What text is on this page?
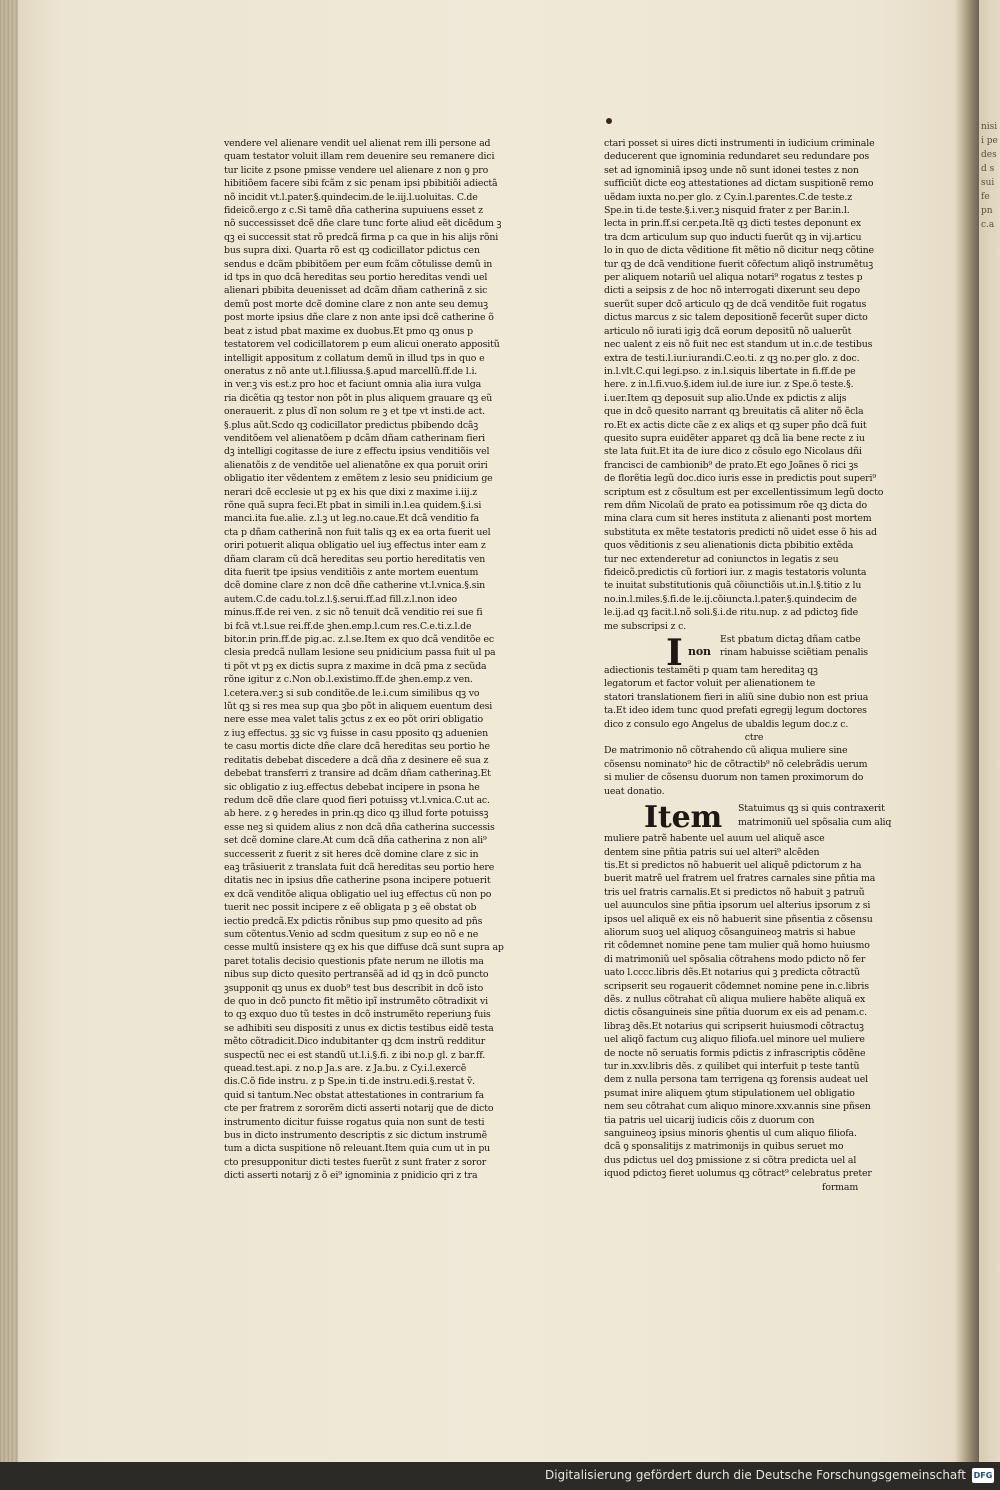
vendere vel alienare vendit uel alienat rem illi persone ad
quam testator voluit illam rem deuenire seu remanere dici
tur licite z psone pmisse vendere uel alienare z non ꝯ pro
hibitiõem facere sibi fcãm z sic penam ipsi pbibitiõi adiectã
nõ incidit vt.l.pater.§.quindecim.de le.iij.l.uoluitas. C.de
fideicõ.ergo z c.Si tamẽ dña catherina supuiuens esset z
nõ successisset dcẽ dñe clare tunc forte aliud eẽt dicẽdum ꝫ
qꝫ ei successit stat rõ predcã firma p ca que in his alijs rõni
bus supra dixi. Quarta rõ est qꝫ codicillator pdictus cen
sendus e dcãm pbibitõem per eum fcãm cõtulisse demũ in
id tps in quo dcã hereditas seu portio hereditas vendi uel
alienari pbibita deuenisset ad dcãm dñam catherinã z sic
demũ post morte dcẽ domine clare z non ante seu demuꝫ
post morte ipsius dñe clare z non ante ipsi dcẽ catherine õ
beat z istud pbat maxime ex duobus.Et pmo qꝫ onus p
testatorem vel codicillatorem p eum alicui onerato appositũ
intelligit appositum z collatum demũ in illud tps in quo e
oneratus z nõ ante ut.l.filiussa.§.apud marcellũ.ff.de l.i.
in ver.ꝫ vis est.z pro hoc et faciunt omnia alia iura vulga
ria dicẽtia qꝫ testor non põt in plus aliquem grauare qꝫ eũ
onerauerit. z plus dĩ non solum re ꝫ et tpe vt insti.de act.
§.plus aũt.Scdo qꝫ codicillator predictus pbibendo dcãꝫ
venditõem vel alienatõem p dcãm dñam catherinam fieri
dꝫ intelligi cogitasse de iure z effectu ipsius venditiõis vel
alienatõis z de venditõe uel alienatõne ex qua poruit oriri
obligatio iter vẽdentem z emẽtem z lesio seu pnidicium ge
nerari dcẽ ecclesie ut pꝫ ex his que dixi z maxime i.iij.z
rõne quã supra feci.Et pbat in simili in.l.ea quidem.§.i.si
manci.ita fue.alie. z.l.ꝫ ut leg.no.caue.Et dcã venditio fa
cta p dñam catherinã non fuit talis qꝫ ex ea orta fuerit uel
oriri potuerit aliqua obligatio uel iuꝫ effectus inter eam z
dñam claram cũ dcã hereditas seu portio hereditatis ven
dita fuerit tpe ipsius venditiõis z ante mortem euentum
dcẽ domine clare z non dcẽ dñe catherine vt.l.vnica.§.sin
autem.C.de cadu.tol.z.l.§.serui.ff.ad fill.z.l.non ideo
minus.ff.de rei ven. z sic nõ tenuit dcã venditio rei sue fi
bi fcã vt.l.sue rei.ff.de ꝫhen.emp.l.cum res.C.e.ti.z.l.de
bitor.in prin.ff.de pig.ac. z.l.se.Item ex quo dcã venditõe ec
clesia predcã nullam lesione seu pnidicium passa fuit ul pa
ti põt vt pꝫ ex dictis supra z maxime in dcã pma z secũda
rõne igitur z c.Non ob.l.existimo.ff.de ꝫhen.emp.z ven.
l.cetera.ver.ꝫ si sub conditõe.de le.i.cum similibus qꝫ vo
lũt qꝫ si res mea sup qua ꝫbo põt in aliquem euentum desi
nere esse mea valet talis ꝫctus z ex eo põt oriri obligatio
z iuꝫ effectus. ꝫꝫ sic vꝫ fuisse in casu pposito qꝫ aduenien
te casu mortis dicte dñe clare dcã hereditas seu portio he
reditatis debebat discedere a dcã dña z desinere eẽ sua z
debebat transferri z transire ad dcãm dñam catherinaꝫ.Et
sic obligatio z iuꝫ.effectus debebat incipere in psona he
redum dcẽ dñe clare quod fieri potuissꝫ vt.l.vnica.C.ut ac.
ab here. z ꝯ heredes in prin.qꝫ dico qꝫ illud forte potuissꝫ
esse neꝫ si quidem alius z non dcã dña catherina successis
set dcẽ domine clare.At cum dcã dña catherina z non ali⁹
successerit z fuerit z sit heres dcẽ domine clare z sic in
eaꝫ trãsiuerit z translata fuit dcã hereditas seu portio here
ditatis nec in ipsius dñe catherine psona incipere potuerit
ex dcã venditõe aliqua obligatio uel iuꝫ effectus cũ non po
tuerit nec possit incipere z eẽ obligata p ꝫ eẽ obstat ob
iectio predcã.Ex pdictis rõnibus sup pmo quesito ad pñs
sum cõtentus.Venio ad scdm quesitum z sup eo nõ e ne
cesse multũ insistere qꝫ ex his que diffuse dcã sunt supra ap
paret totalis decisio questionis pfate nerum ne illotis ma
nibus sup dicto quesito pertransẽã ad id qꝫ in dcõ puncto
ꝫsupponit qꝫ unus ex duob⁹ test bus describit in dcõ isto
de quo in dcõ puncto fit mẽtio ipĩ instrumẽto cõtradixit vi
to qꝫ exquo duo tũ testes in dcõ instrumẽto reperiunꝫ fuis
se adhibiti seu dispositi z unus ex dictis testibus eidẽ testa
mẽto cõtradicit.Dico indubitanter qꝫ dcm instrũ redditur
suspectũ nec ei est standũ ut.l.i.§.fi. z ibi no.p gl. z bar.ff.
quead.test.api. z no.p Ja.s are. z Ja.bu. z Cy.i.l.exercẽ
dis.C.õ fide instru. z p Spe.in ti.de instru.edi.§.restat ṽ.
quid si tantum.Nec obstat attestationes in contrarium fa
cte per fratrem z sororẽm dicti asserti notarij que de dicto
instrumento dicitur fuisse rogatus quia non sunt de testi
bus in dicto instrumento descriptis z sic dictum instrumẽ
tum a dicta suspitione nõ releuant.Item quia cum ut in pu
cto presupponitur dicti testes fuerũt z sunt frater z soror
dicti asserti notarij z õ ei⁹ ignominia z pnidicio qri z tra
ctari posset si uires dicti instrumenti in iudicium criminale
deducerent que ignominia redundaret seu redundare pos
set ad ignominiã ipsoꝫ unde nõ sunt idonei testes z non
sufficiũt dicte eoꝫ attestationes ad dictam suspitionẽ remo
uẽdam iuxta no.per glo. z Cy.in.l.parentes.C.de teste.z
Spe.in ti.de teste.§.i.ver.ꝫ nisquid frater z per Bar.in.l.
lecta in prin.ff.si cer.peta.Itẽ qꝫ dicti testes deponunt ex
tra dcm articulum sup quo inducti fuerũt qꝫ in vij.articu
lo in quo de dicta vẽditione fit mẽtio nõ dicitur neqꝫ cõtine
tur qꝫ de dcã venditione fuerit cõfectum aliqõ instrumẽtuꝫ
per aliquem notariũ uel aliqua notari⁹ rogatus z testes p
dicti a seipsis z de hoc nõ interrogati dixerunt seu depo
suerũt super dcõ articulo qꝫ de dcã venditõe fuit rogatus
dictus marcus z sic talem depositionẽ fecerũt super dicto
articulo nõ iurati igiꝫ dcã eorum depositũ nõ ualuerũt
nec ualent z eis nõ fuit nec est standum ut in.c.de testibus
extra de testi.l.iur.iurandi.C.eo.ti. z qꝫ no.per glo. z doc.
in.l.vlt.C.qui legi.pso. z in.l.siquis libertate in fi.ff.de pe
here. z in.l.fi.vuo.§.idem iul.de iure iur. z Spe.õ teste.§.
i.uer.Item qꝫ deposuit sup alio.Unde ex pdictis z alijs
que in dcõ quesito narrant qꝫ breuitatis cã aliter nõ ẽcla
ro.Et ex actis dicte cãe z ex aliqs et qꝫ super pño dcã fuit
quesito supra euidẽter apparet qꝫ dcã lia bene recte z iu
ste lata fuit.Et ita de iure dico z cõsulo ego Nicolaus dñi
francisci de cambionib⁹ de prato.Et ego Joãnes õ rici ꝫs
de florẽtia legũ doc.dico iuris esse in predictis pout superi⁹
scriptum est z cõsultum est per excellentissimum legũ docto
rem dñm Nicolaũ de prato ea potissimum rõe qꝫ dicta do
mina clara cum sit heres instituta z alienanti post mortem
substituta ex mẽte testatoris predicti nõ uidet esse õ his ad
quos vẽditionis z seu alienationis dicta pbibitio extẽda
tur nec extenderetur ad coniunctos in legatis z seu
fideicõ.predictis cũ fortiori iur. z magis testatoris volunta
te inuitat substitutionis quã cõiunctiõis ut.in.l.§.titio z lu
no.in.l.miles.§.fi.de le.ij.cõiuncta.l.pater.§.quindecim de
le.ij.ad qꝫ facit.l.nõ soli.§.i.de ritu.nup. z ad pdictoꝫ fide
me subscripsi z c.
I non
Est pbatum dictaꝫ dñam catbe
rinam habuisse sciẽtiam penalis
adiectionis testamẽti p quam tam hereditaꝫ qꝫ
legatorum et factor voluit per alienationem te
statori translationem fieri in aliũ sine dubio non est priua
ta.Et ideo idem tunc quod prefati egregij legum doctores
dico z consulo ego Angelus de ubaldis legum doc.z c.
ctre
De matrimonio nõ cõtrahendo cũ aliqua muliere sine
cõsensu nominato⁹ hic de cõtractib⁹ nõ celebrãdis uerum
si mulier de cõsensu duorum non tamen proximorum do
ueat donatio.
Item Statuimus qꝫ si quis contraxerit
matrimoniũ uel spõsalia cum aliq
muliere patrẽ habente uel auum uel aliquẽ asce
dentem sine pñtia patris sui uel alteri⁹ alcẽden
tis.Et si predictos nõ habuerit uel aliquẽ pdictorum z ha
buerit matrẽ uel fratrem uel fratres carnales sine pñtia ma
tris uel fratris carnalis.Et si predictos nõ habuit ꝫ patruũ
uel auunculos sine pñtia ipsorum uel alterius ipsorum z si
ipsos uel aliquẽ ex eis nõ habuerit sine pñsentia z cõsensu
aliorum suoꝫ uel aliquoꝫ cõsanguineoꝫ matris si habue
rit cõdemnet nomine pene tam mulier quã homo huiusmo
di matrimoniũ uel spõsalia cõtrahens modo pdicto nõ fer
uato l.cccc.libris dẽs.Et notarius qui ꝫ predicta cõtractũ
scripserit seu rogauerit cõdemnet nomine pene in.c.libris
dẽs. z nullus cõtrahat cũ aliqua muliere habẽte aliquã ex
dictis cõsanguineis sine pñtia duorum ex eis ad penam.c.
libraꝫ dẽs.Et notarius qui scripserit huiusmodi cõtractuꝫ
uel aliqõ factum cuꝫ aliquo filiofa.uel minore uel muliere
de nocte nõ seruatis formis pdictis z infrascriptis cõdẽne
tur in.xxv.libris dẽs. z quilibet qui interfuit p teste tantũ
dem z nulla persona tam terrigena qꝫ forensis audeat uel
psumat inire aliquem ꝯtum stipulationem uel obligatio
nem seu cõtrahat cum aliquo minore.xxv.annis sine pñsen
tia patris uel uicarij iudicis cõis z duorum con
sanguineoꝫ ipsius minoris ꝯhentis ul cum aliquo filiofa.
dcã ꝯ sponsalitijs z matrimonijs in quibus seruet mo
dus pdictus uel doꝫ pmissione z si cõtra predicta uel al
iquod pdictoꝫ fieret uolumus qꝫ cõtract⁹ celebratus preter
formam
nisi i pedes d s sui fe pn c.a
Digitalisierung gefördert durch die Deutsche Forschungsgemeinschaft DFG
